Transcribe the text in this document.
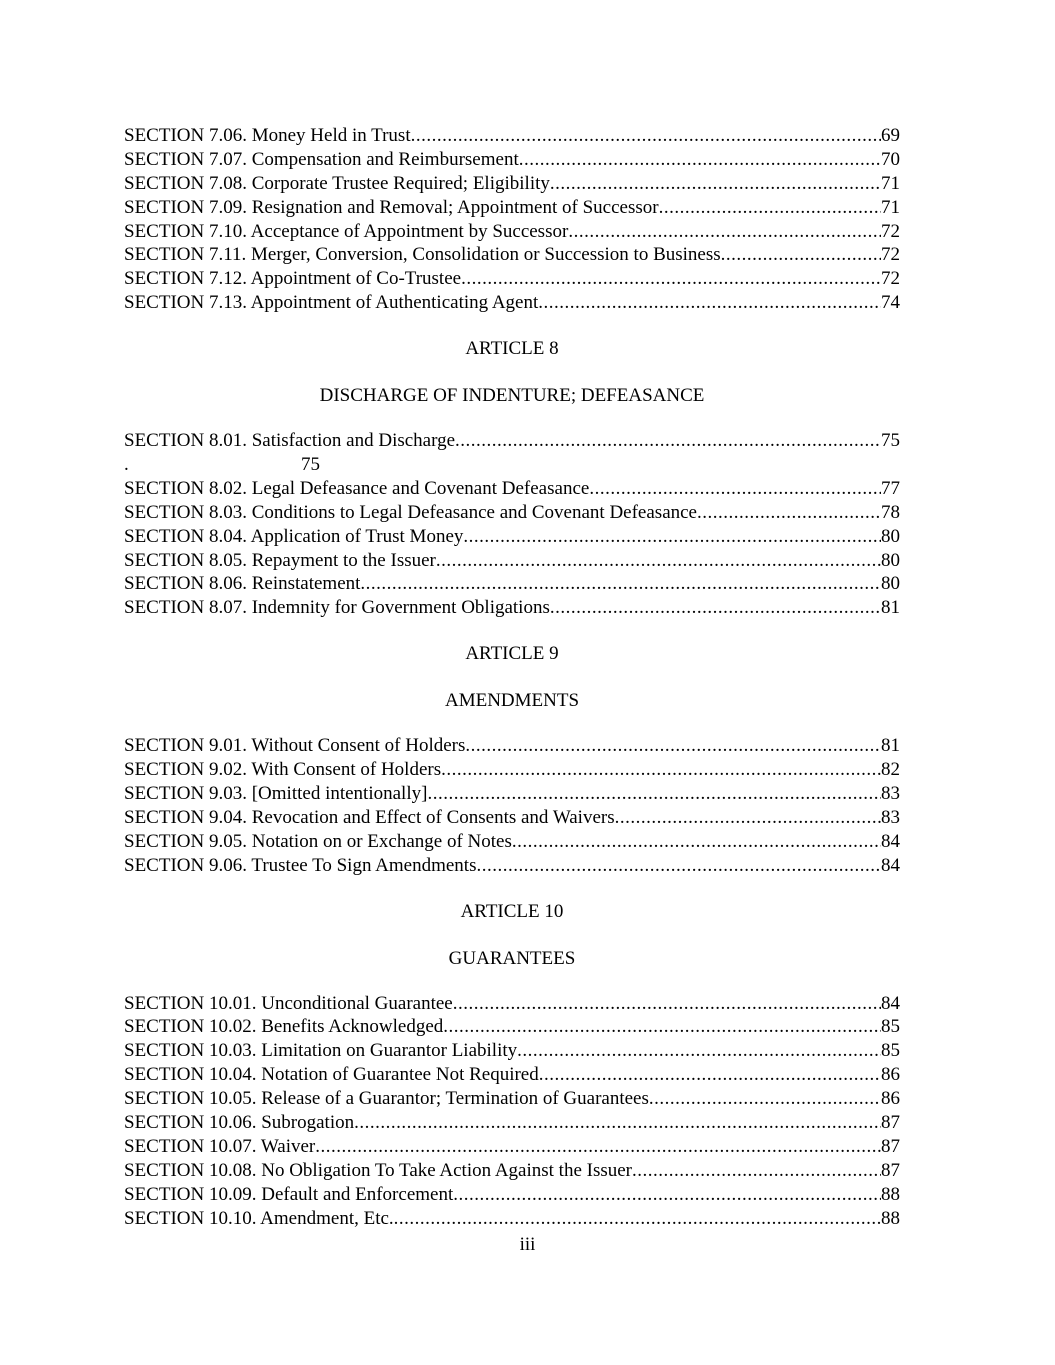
SECTION 7.06. Money Held in Trust .....	69
SECTION 7.07. Compensation and Reimbursement .....	70
SECTION 7.08. Corporate Trustee Required; Eligibility .....	71
SECTION 7.09. Resignation and Removal; Appointment of Successor .....	71
SECTION 7.10. Acceptance of Appointment by Successor .....	72
SECTION 7.11. Merger, Conversion, Consolidation or Succession to Business .....	72
SECTION 7.12. Appointment of Co-Trustee .....	72
SECTION 7.13. Appointment of Authenticating Agent .....	74
ARTICLE 8
DISCHARGE OF INDENTURE; DEFEASANCE
SECTION 8.01. Satisfaction and Discharge .....	75
.	75
SECTION 8.02. Legal Defeasance and Covenant Defeasance .....	77
SECTION 8.03. Conditions to Legal Defeasance and Covenant Defeasance .....	78
SECTION 8.04. Application of Trust Money .....	80
SECTION 8.05. Repayment to the Issuer .....	80
SECTION 8.06. Reinstatement .....	80
SECTION 8.07. Indemnity for Government Obligations .....	81
ARTICLE 9
AMENDMENTS
SECTION 9.01. Without Consent of Holders .....	81
SECTION 9.02. With Consent of Holders .....	82
SECTION 9.03. [Omitted intentionally] .....	83
SECTION 9.04. Revocation and Effect of Consents and Waivers .....	83
SECTION 9.05. Notation on or Exchange of Notes .....	84
SECTION 9.06. Trustee To Sign Amendments .....	84
ARTICLE 10
GUARANTEES
SECTION 10.01. Unconditional Guarantee .....	84
SECTION 10.02. Benefits Acknowledged .....	85
SECTION 10.03. Limitation on Guarantor Liability .....	85
SECTION 10.04. Notation of Guarantee Not Required .....	86
SECTION 10.05. Release of a Guarantor; Termination of Guarantees .....	86
SECTION 10.06. Subrogation .....	87
SECTION 10.07. Waiver .....	87
SECTION 10.08. No Obligation To Take Action Against the Issuer .....	87
SECTION 10.09. Default and Enforcement .....	88
SECTION 10.10. Amendment, Etc. .....	88
iii
